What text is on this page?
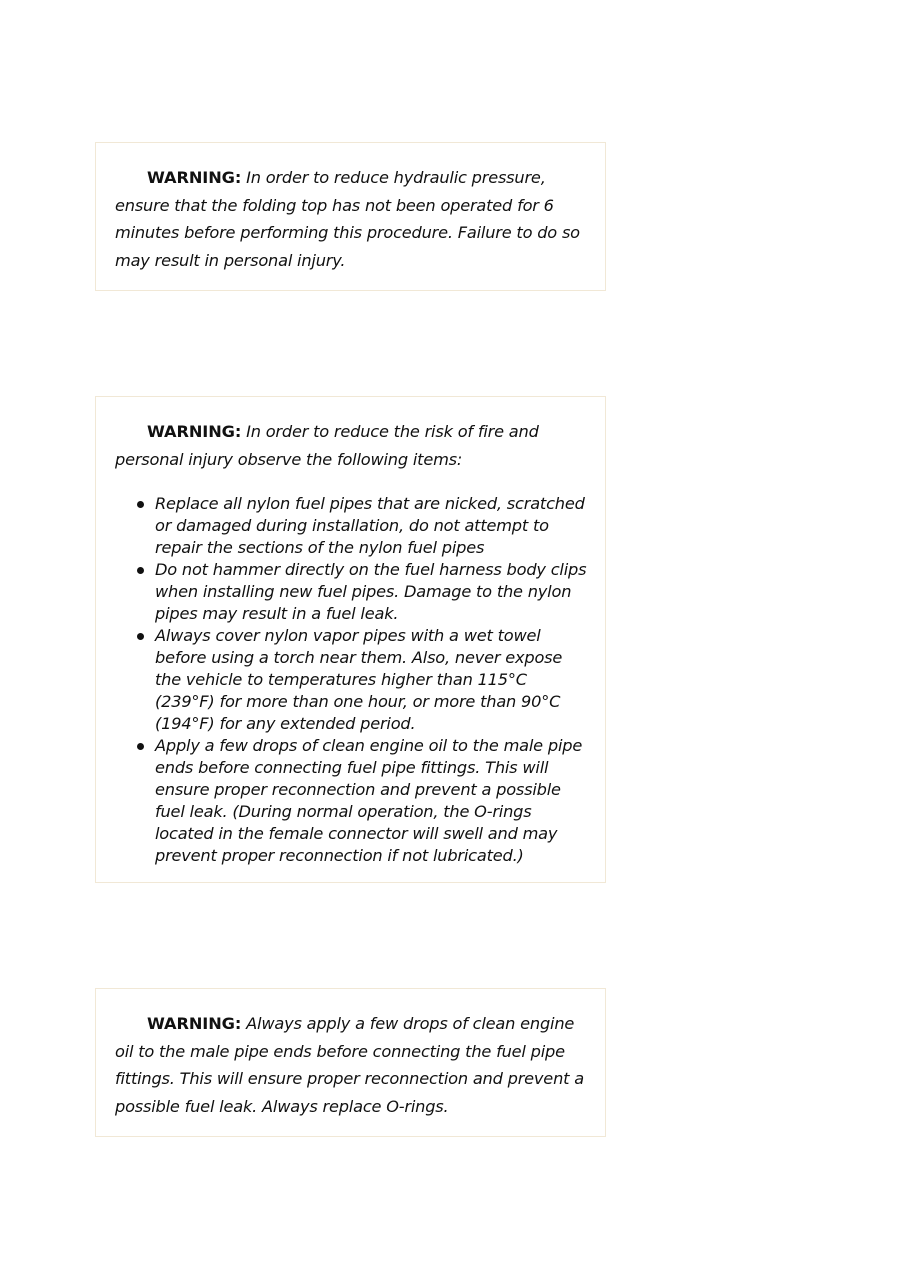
WARNING: In order to reduce hydraulic pressure, ensure that the folding top has not been operated for 6 minutes before performing this procedure. Failure to do so may result in personal injury.

WARNING: In order to reduce the risk of fire and personal injury observe the following items:

Replace all nylon fuel pipes that are nicked, scratched or damaged during installation, do not attempt to repair the sections of the nylon fuel pipes
Do not hammer directly on the fuel harness body clips when installing new fuel pipes. Damage to the nylon pipes may result in a fuel leak.
Always cover nylon vapor pipes with a wet towel before using a torch near them. Also, never expose the vehicle to temperatures higher than 115°C (239°F) for more than one hour, or more than 90°C (194°F) for any extended period.
Apply a few drops of clean engine oil to the male pipe ends before connecting fuel pipe fittings. This will ensure proper reconnection and prevent a possible fuel leak. (During normal operation, the O-rings located in the female connector will swell and may prevent proper reconnection if not lubricated.)

WARNING: Always apply a few drops of clean engine oil to the male pipe ends before connecting the fuel pipe fittings. This will ensure proper reconnection and prevent a possible fuel leak. Always replace O-rings.
